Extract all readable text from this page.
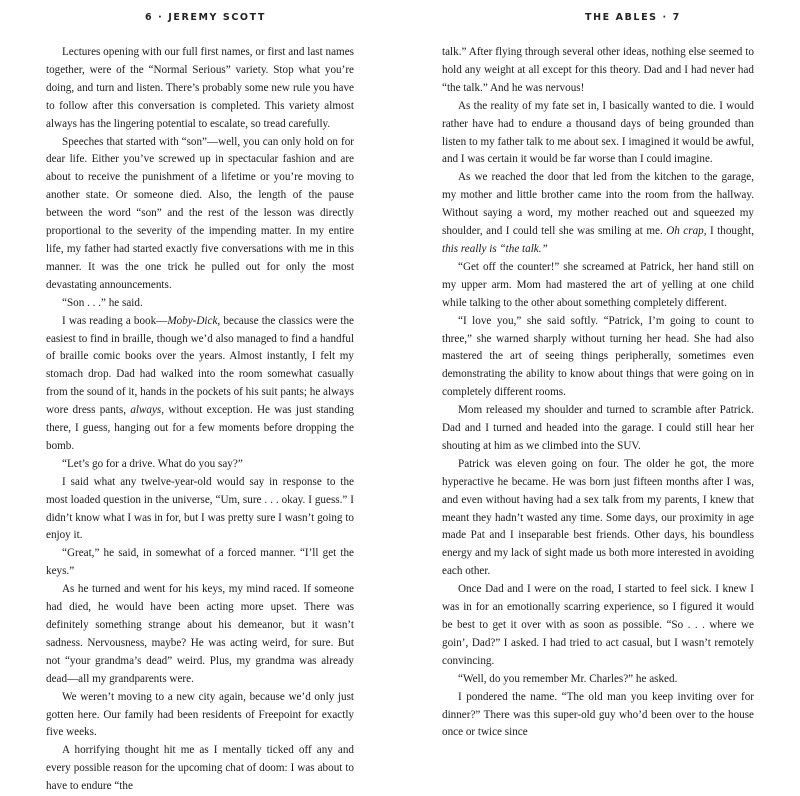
6 · JEREMY SCOTT

Lectures opening with our full first names, or first and last names together, were of the “Normal Serious” variety. Stop what you’re doing, and turn and listen. There’s probably some new rule you have to follow after this conversation is completed. This variety almost always has the lingering potential to escalate, so tread carefully.

Speeches that started with “son”—well, you can only hold on for dear life. Either you’ve screwed up in spectacular fashion and are about to receive the punishment of a lifetime or you’re moving to another state. Or someone died. Also, the length of the pause between the word “son” and the rest of the lesson was directly proportional to the severity of the impending matter. In my entire life, my father had started exactly five conversations with me in this manner. It was the one trick he pulled out for only the most devastating announcements.

“Son . . .” he said.

I was reading a book—Moby-Dick, because the classics were the easiest to find in braille, though we’d also managed to find a handful of braille comic books over the years. Almost instantly, I felt my stomach drop. Dad had walked into the room somewhat casually from the sound of it, hands in the pockets of his suit pants; he always wore dress pants, always, without exception. He was just standing there, I guess, hanging out for a few moments before dropping the bomb.

“Let’s go for a drive. What do you say?”

I said what any twelve-year-old would say in response to the most loaded question in the universe, “Um, sure . . . okay. I guess.” I didn’t know what I was in for, but I was pretty sure I wasn’t going to enjoy it.

“Great,” he said, in somewhat of a forced manner. “I’ll get the keys.”

As he turned and went for his keys, my mind raced. If someone had died, he would have been acting more upset. There was definitely something strange about his demeanor, but it wasn’t sadness. Nervousness, maybe? He was acting weird, for sure. But not “your grandma’s dead” weird. Plus, my grandma was already dead—all my grandparents were.

We weren’t moving to a new city again, because we’d only just gotten here. Our family had been residents of Freepoint for exactly five weeks.

A horrifying thought hit me as I mentally ticked off any and every possible reason for the upcoming chat of doom: I was about to have to endure “the

THE ABLES · 7

talk.” After flying through several other ideas, nothing else seemed to hold any weight at all except for this theory. Dad and I had never had “the talk.” And he was nervous!

As the reality of my fate set in, I basically wanted to die. I would rather have had to endure a thousand days of being grounded than listen to my father talk to me about sex. I imagined it would be awful, and I was certain it would be far worse than I could imagine.

As we reached the door that led from the kitchen to the garage, my mother and little brother came into the room from the hallway. Without saying a word, my mother reached out and squeezed my shoulder, and I could tell she was smiling at me. Oh crap, I thought, this really is “the talk.”

“Get off the counter!” she screamed at Patrick, her hand still on my upper arm. Mom had mastered the art of yelling at one child while talking to the other about something completely different.

“I love you,” she said softly. “Patrick, I’m going to count to three,” she warned sharply without turning her head. She had also mastered the art of seeing things peripherally, sometimes even demonstrating the ability to know about things that were going on in completely different rooms.

Mom released my shoulder and turned to scramble after Patrick. Dad and I turned and headed into the garage. I could still hear her shouting at him as we climbed into the SUV.

Patrick was eleven going on four. The older he got, the more hyperactive he became. He was born just fifteen months after I was, and even without having had a sex talk from my parents, I knew that meant they hadn’t wasted any time. Some days, our proximity in age made Pat and I inseparable best friends. Other days, his boundless energy and my lack of sight made us both more interested in avoiding each other.

Once Dad and I were on the road, I started to feel sick. I knew I was in for an emotionally scarring experience, so I figured it would be best to get it over with as soon as possible. “So . . . where we goin’, Dad?” I asked. I had tried to act casual, but I wasn’t remotely convincing.

“Well, do you remember Mr. Charles?” he asked.

I pondered the name. “The old man you keep inviting over for dinner?” There was this super-old guy who’d been over to the house once or twice since
